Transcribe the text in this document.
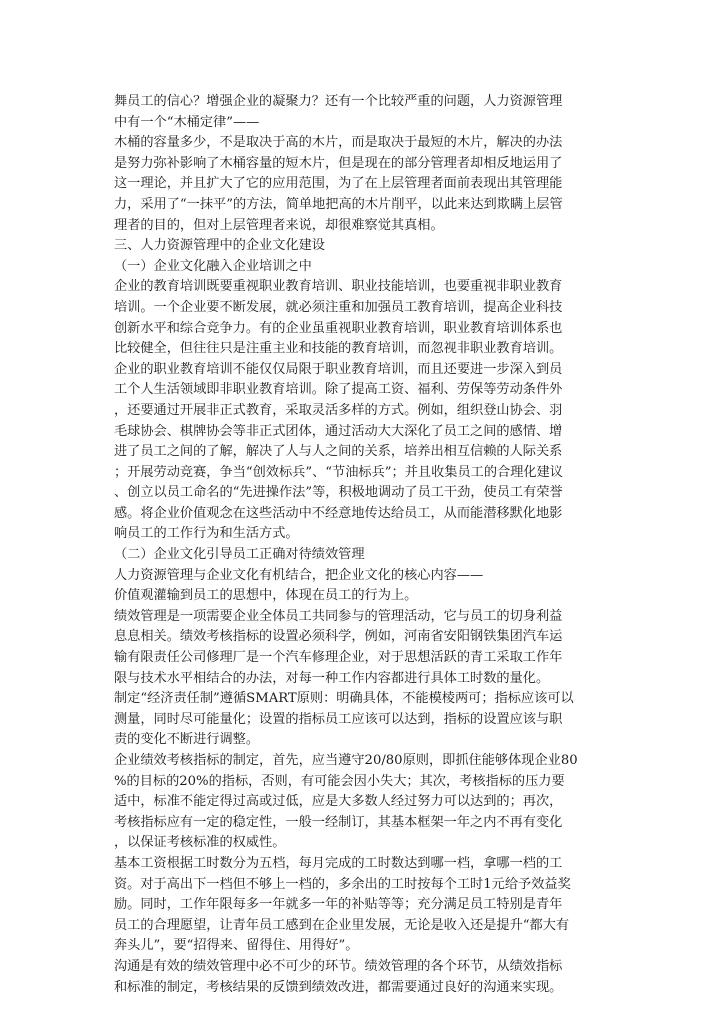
舞员工的信心？增强企业的凝聚力？还有一个比较严重的问题，人力资源管理
中有一个“木桶定律”——
木桶的容量多少，不是取决于高的木片，而是取决于最短的木片，解决的办法
是努力弥补影响了木桶容量的短木片，但是现在的部分管理者却相反地运用了
这一理论，并且扩大了它的应用范围，为了在上层管理者面前表现出其管理能
力，采用了“一抹平”的方法，简单地把高的木片削平，以此来达到欺瞒上层管
理者的目的，但对上层管理者来说，却很难察觉其真相。
三、人力资源管理中的企业文化建设
（一）企业文化融入企业培训之中
企业的教育培训既要重视职业教育培训、职业技能培训，也要重视非职业教育
培训。一个企业要不断发展，就必须注重和加强员工教育培训，提高企业科技
创新水平和综合竞争力。有的企业虽重视职业教育培训，职业教育培训体系也
比较健全，但往往只是注重主业和技能的教育培训，而忽视非职业教育培训。
企业的职业教育培训不能仅仅局限于职业教育培训，而且还要进一步深入到员
工个人生活领域即非职业教育培训。除了提高工资、福利、劳保等劳动条件外
，还要通过开展非正式教育，采取灵活多样的方式。例如，组织登山协会、羽
毛球协会、棋牌协会等非正式团体，通过活动大大深化了员工之间的感情、增
进了员工之间的了解，解决了人与人之间的关系，培养出相互信赖的人际关系
；开展劳动竞赛，争当“创效标兵”、“节油标兵”；并且收集员工的合理化建议
、创立以员工命名的“先进操作法”等，积极地调动了员工干劲，使员工有荣誉
感。将企业价值观念在这些活动中不经意地传达给员工，从而能潜移默化地影
响员工的工作行为和生活方式。
（二）企业文化引导员工正确对待绩效管理
人力资源管理与企业文化有机结合，把企业文化的核心内容——
价值观灌输到员工的思想中，体现在员工的行为上。
绩效管理是一项需要企业全体员工共同参与的管理活动，它与员工的切身利益
息息相关。绩效考核指标的设置必须科学，例如，河南省安阳钢铁集团汽车运
输有限责任公司修理厂是一个汽车修理企业，对于思想活跃的青工采取工作年
限与技术水平相结合的办法，对每一种工作内容都进行具体工时数的量化。
制定“经济责任制”遵循SMART原则：明确具体，不能模棱两可；指标应该可以
测量，同时尽可能量化；设置的指标员工应该可以达到，指标的设置应该与职
责的变化不断进行调整。
企业绩效考核指标的制定，首先，应当遵守20/80原则，即抓住能够体现企业80
%的目标的20%的指标，否则，有可能会因小失大；其次，考核指标的压力要
适中，标准不能定得过高或过低，应是大多数人经过努力可以达到的；再次，
考核指标应有一定的稳定性，一般一经制订，其基本框架一年之内不再有变化
，以保证考核标准的权威性。
基本工资根据工时数分为五档，每月完成的工时数达到哪一档，拿哪一档的工
资。对于高出下一档但不够上一档的，多余出的工时按每个工时1元给予效益奖
励。同时，工作年限每多一年就多一年的补贴等等；充分满足员工特别是青年
员工的合理愿望，让青年员工感到在企业里发展，无论是收入还是提升“都大有
奔头儿”，要“招得来、留得住、用得好”。
沟通是有效的绩效管理中必不可少的环节。绩效管理的各个环节，从绩效指标
和标准的制定，考核结果的反馈到绩效改进，都需要通过良好的沟通来实现。
